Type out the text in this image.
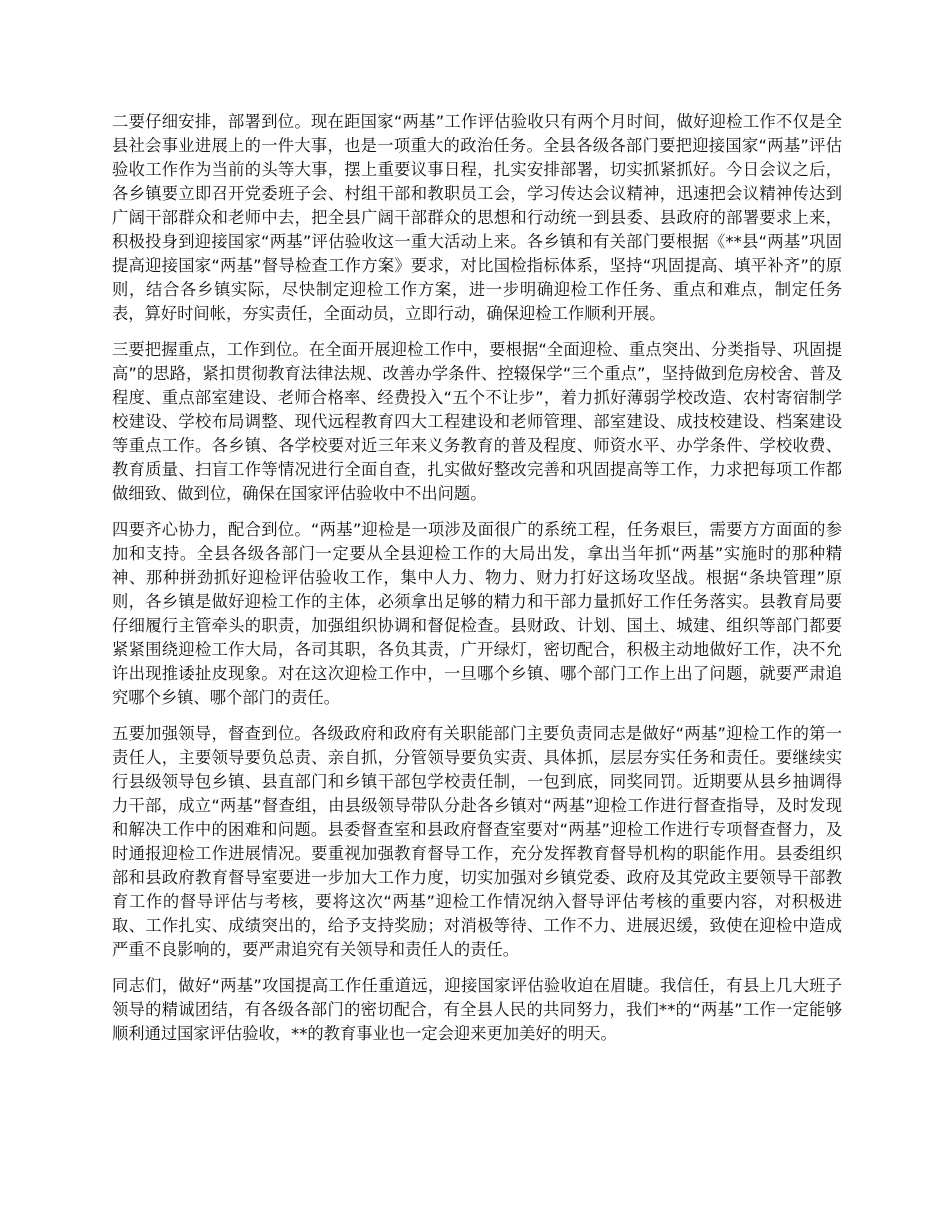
二要仔细安排，部署到位。现在距国家“两基”工作评估验收只有两个月时间，做好迎检工作不仅是全县社会事业进展上的一件大事，也是一项重大的政治任务。全县各级各部门要把迎接国家“两基”评估验收工作作为当前的头等大事，摆上重要议事日程，扎实安排部署，切实抓紧抓好。今日会议之后，各乡镇要立即召开党委班子会、村组干部和教职员工会，学习传达会议精神，迅速把会议精神传达到广阔干部群众和老师中去，把全县广阔干部群众的思想和行动统一到县委、县政府的部署要求上来，积极投身到迎接国家“两基”评估验收这一重大活动上来。各乡镇和有关部门要根据《**县“两基”巩固提高迎接国家“两基”督导检查工作方案》要求，对比国检指标体系，坚持“巩固提高、填平补齐”的原则，结合各乡镇实际，尽快制定迎检工作方案，进一步明确迎检工作任务、重点和难点，制定任务表，算好时间帐，夯实责任，全面动员，立即行动，确保迎检工作顺利开展。

三要把握重点，工作到位。在全面开展迎检工作中，要根据“全面迎检、重点突出、分类指导、巩固提高”的思路，紧扣贯彻教育法律法规、改善办学条件、控辍保学“三个重点”，坚持做到危房校舍、普及程度、重点部室建设、老师合格率、经费投入“五个不让步”，着力抓好薄弱学校改造、农村寄宿制学校建设、学校布局调整、现代远程教育四大工程建设和老师管理、部室建设、成技校建设、档案建设等重点工作。各乡镇、各学校要对近三年来义务教育的普及程度、师资水平、办学条件、学校收费、教育质量、扫盲工作等情况进行全面自查，扎实做好整改完善和巩固提高等工作，力求把每项工作都做细致、做到位，确保在国家评估验收中不出问题。

四要齐心协力，配合到位。“两基”迎检是一项涉及面很广的系统工程，任务艰巨，需要方方面面的参加和支持。全县各级各部门一定要从全县迎检工作的大局出发，拿出当年抓“两基”实施时的那种精神、那种拼劲抓好迎检评估验收工作，集中人力、物力、财力打好这场攻坚战。根据“条块管理”原则，各乡镇是做好迎检工作的主体，必须拿出足够的精力和干部力量抓好工作任务落实。县教育局要仔细履行主管牵头的职责，加强组织协调和督促检查。县财政、计划、国土、城建、组织等部门都要紧紧围绕迎检工作大局，各司其职，各负其责，广开绿灯，密切配合，积极主动地做好工作，决不允许出现推诿扯皮现象。对在这次迎检工作中，一旦哪个乡镇、哪个部门工作上出了问题，就要严肃追究哪个乡镇、哪个部门的责任。

五要加强领导，督查到位。各级政府和政府有关职能部门主要负责同志是做好“两基”迎检工作的第一责任人，主要领导要负总责、亲自抓，分管领导要负实责、具体抓，层层夯实任务和责任。要继续实行县级领导包乡镇、县直部门和乡镇干部包学校责任制，一包到底，同奖同罚。近期要从县乡抽调得力干部，成立“两基”督查组，由县级领导带队分赴各乡镇对“两基”迎检工作进行督查指导，及时发现和解决工作中的困难和问题。县委督查室和县政府督查室要对“两基”迎检工作进行专项督查督力，及时通报迎检工作进展情况。要重视加强教育督导工作，充分发挥教育督导机构的职能作用。县委组织部和县政府教育督导室要进一步加大工作力度，切实加强对乡镇党委、政府及其党政主要领导干部教育工作的督导评估与考核，要将这次“两基”迎检工作情况纳入督导评估考核的重要内容，对积极进取、工作扎实、成绩突出的，给予支持奖励；对消极等待、工作不力、进展迟缓，致使在迎检中造成严重不良影响的，要严肃追究有关领导和责任人的责任。

同志们，做好“两基”攻国提高工作任重道远，迎接国家评估验收迫在眉睫。我信任，有县上几大班子领导的精诚团结，有各级各部门的密切配合，有全县人民的共同努力，我们**的“两基”工作一定能够顺利通过国家评估验收，**的教育事业也一定会迎来更加美好的明天。
